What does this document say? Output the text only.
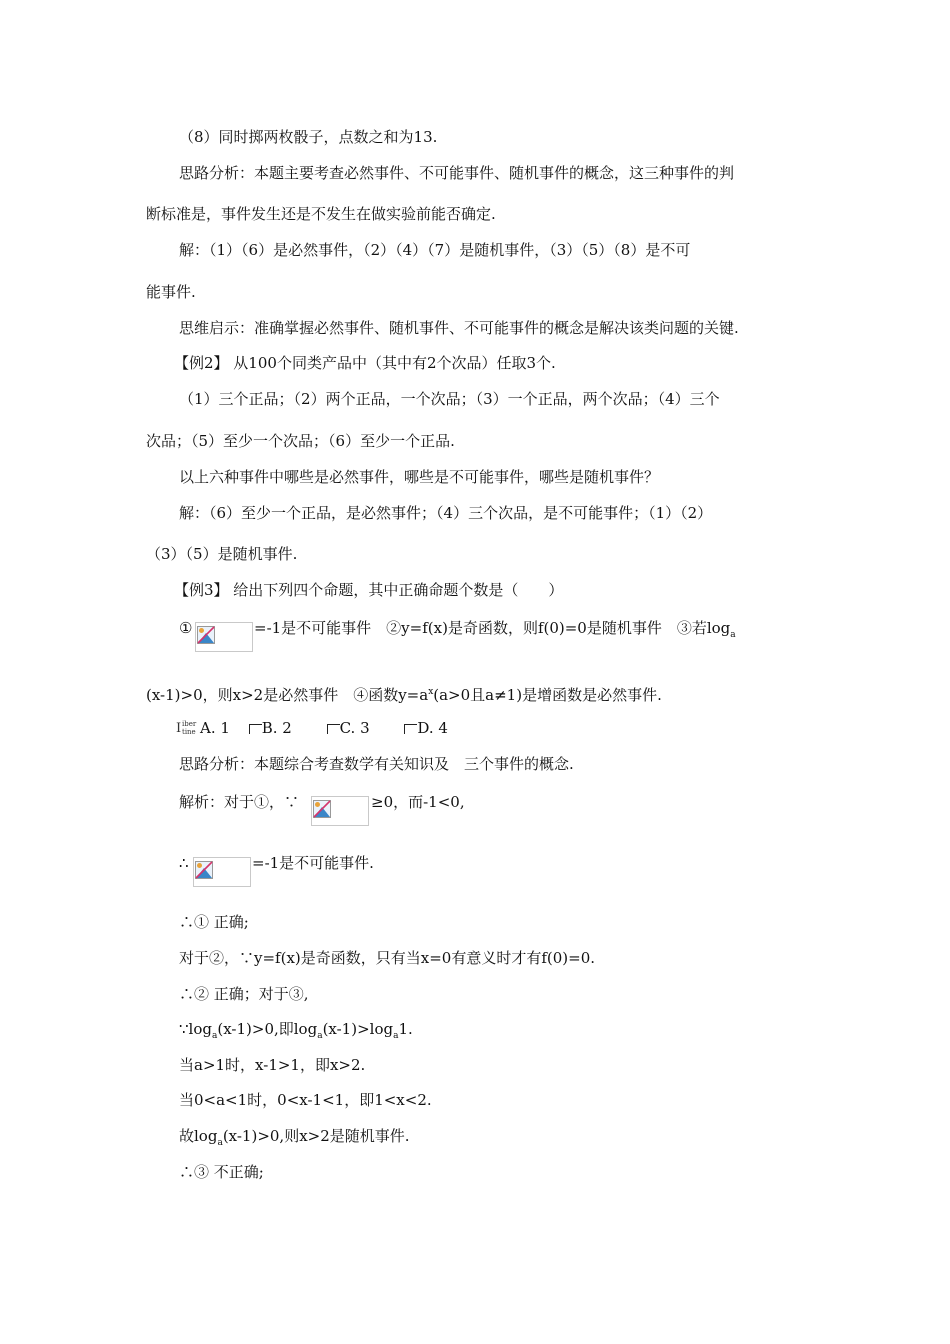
（8）同时掷两枚骰子，点数之和为13.
思路分析：本题主要考查必然事件、不可能事件、随机事件的概念，这三种事件的判
断标准是，事件发生还是不发生在做实验前能否确定.
解：（1）（6）是必然事件，（2）（4）（7）是随机事件，（3）（5）（8）是不可
能事件.
思维启示：准确掌握必然事件、随机事件、不可能事件的概念是解决该类问题的关键.
【例2】 从100个同类产品中（其中有2个次品）任取3个.
（1）三个正品；（2）两个正品，一个次品；（3）一个正品，两个次品；（4）三个
次品；（5）至少一个次品；（6）至少一个正品.
以上六种事件中哪些是必然事件，哪些是不可能事件，哪些是随机事件？
解：（6）至少一个正品，是必然事件；（4）三个次品，是不可能事件；（1）（2）
（3）（5）是随机事件.
【例3】 给出下列四个命题，其中正确命题个数是（　　）
①	=-1是不可能事件　②y=f(x)是奇函数，则f(0)=0是随机事件　③若$\log_a$
(x-1)>0，则x>2是必然事件　④函数$y=a^x(a>0$且a≠1)是增函数是必然事件.
I iber
tine A. 1 B. 2	C. 3	D. 4
思路分析：本题综合考查数学有关知识及　三个事件的概念.
解析：对于①，∵	≥0，而-1<0,
∴	=-1是不可能事件.
∴① 正确;
对于②，∵y=f(x)是奇函数，只有当x=0有意义时才有f(0)=0.
∴② 正确；对于③,
$\because\log_a(x-1)>0$,即$\log_a(x-1)>\log_a1$.
当a>1时，x-1>1，即x>2.
当0<a<1时，0<x-1<1，即1<x<2.
故$\log_a(x-1)>0$,则x>2是随机事件.
∴③ 不正确;
